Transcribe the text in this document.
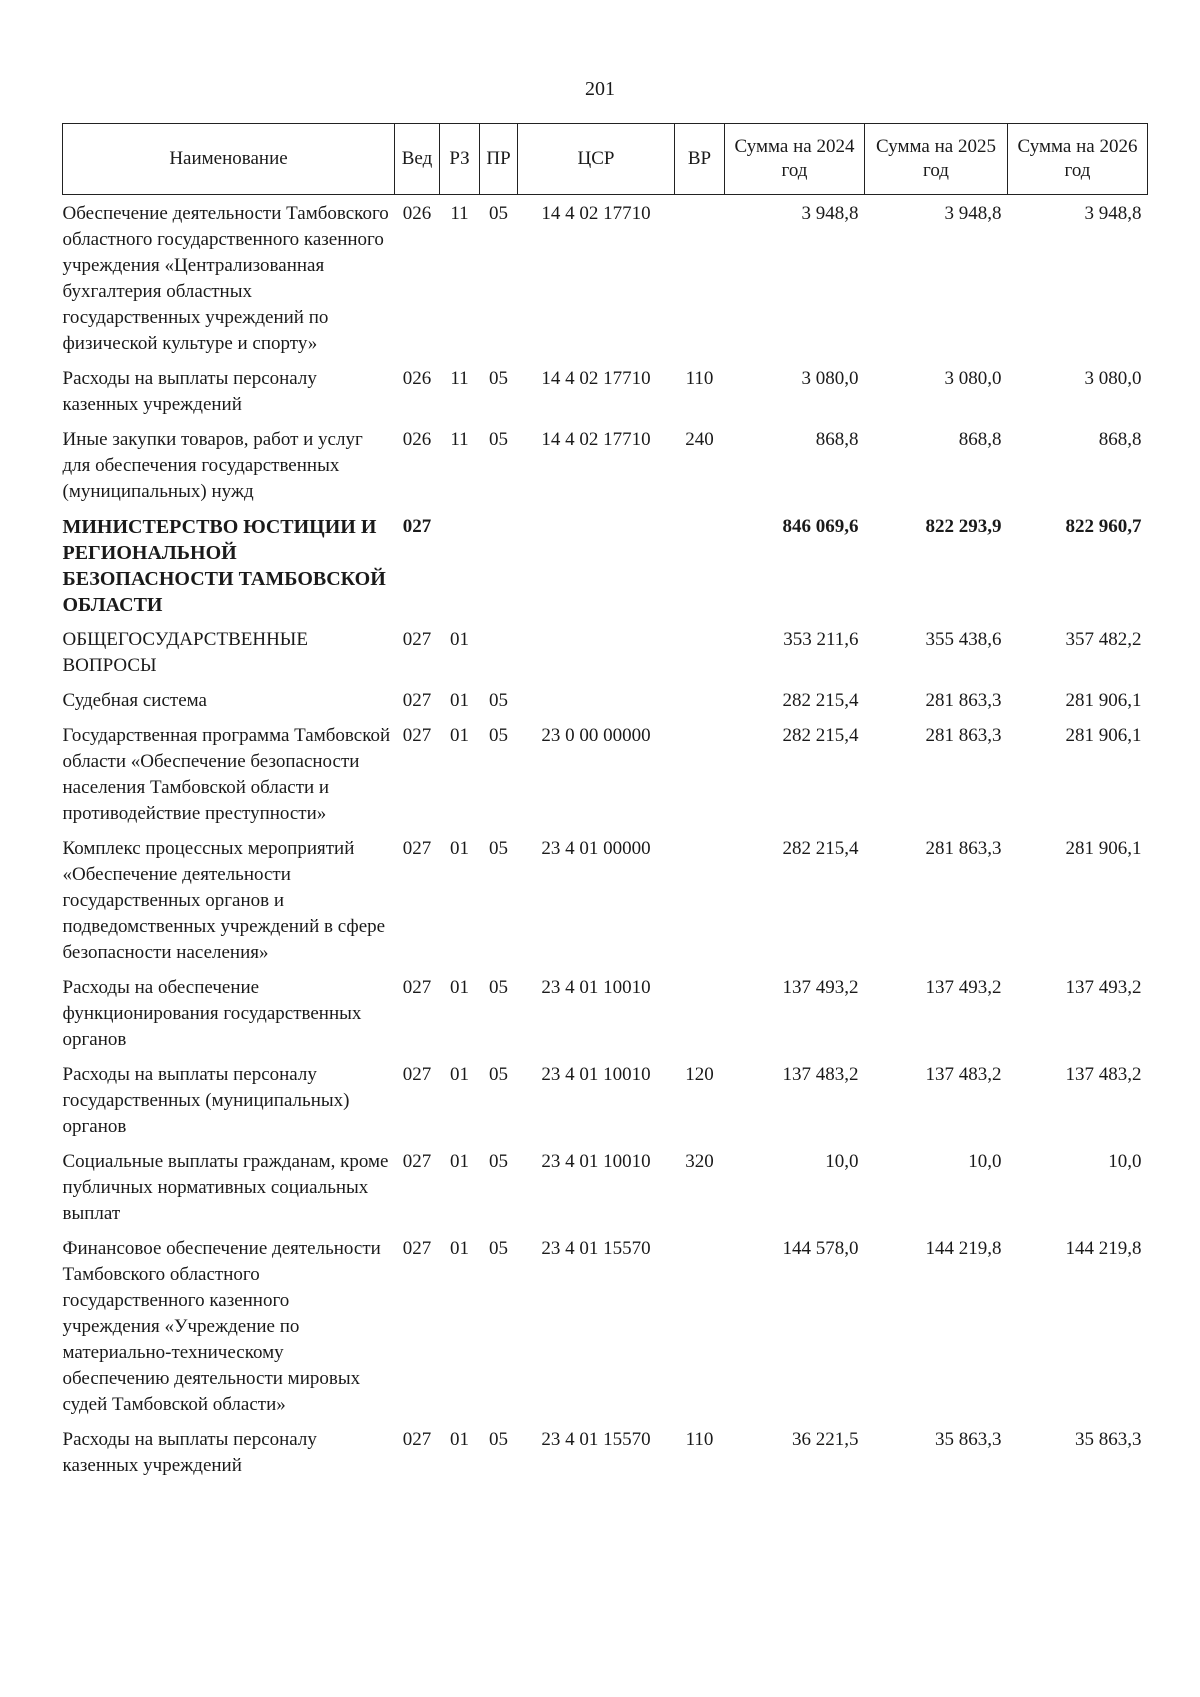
201
Наименование	Вед	РЗ	ПР	ЦСР	ВР	Сумма на 2024 год	Сумма на 2025 год	Сумма на 2026 год
Обеспечение деятельности Тамбовского областного государственного казенного учреждения «Централизованная бухгалтерия областных государственных учреждений по физической культуре и спорту»	026	11	05	14 4 02 17710		3 948,8	3 948,8	3 948,8
Расходы на выплаты персоналу казенных учреждений	026	11	05	14 4 02 17710	110	3 080,0	3 080,0	3 080,0
Иные закупки товаров, работ и услуг для обеспечения государственных (муниципальных) нужд	026	11	05	14 4 02 17710	240	868,8	868,8	868,8
МИНИСТЕРСТВО ЮСТИЦИИ И РЕГИОНАЛЬНОЙ БЕЗОПАСНОСТИ ТАМБОВСКОЙ ОБЛАСТИ	027					846 069,6	822 293,9	822 960,7
ОБЩЕГОСУДАРСТВЕННЫЕ ВОПРОСЫ	027	01				353 211,6	355 438,6	357 482,2
Судебная система	027	01	05			282 215,4	281 863,3	281 906,1
Государственная программа Тамбовской области «Обеспечение безопасности населения Тамбовской области и противодействие преступности»	027	01	05	23 0 00 00000		282 215,4	281 863,3	281 906,1
Комплекс процессных мероприятий «Обеспечение деятельности государственных органов и подведомственных учреждений в сфере безопасности населения»	027	01	05	23 4 01 00000		282 215,4	281 863,3	281 906,1
Расходы на обеспечение функционирования государственных органов	027	01	05	23 4 01 10010		137 493,2	137 493,2	137 493,2
Расходы на выплаты персоналу государственных (муниципальных) органов	027	01	05	23 4 01 10010	120	137 483,2	137 483,2	137 483,2
Социальные выплаты гражданам, кроме публичных нормативных социальных выплат	027	01	05	23 4 01 10010	320	10,0	10,0	10,0
Финансовое обеспечение деятельности Тамбовского областного государственного казенного учреждения «Учреждение по материально-техническому обеспечению деятельности мировых судей Тамбовской области»	027	01	05	23 4 01 15570		144 578,0	144 219,8	144 219,8
Расходы на выплаты персоналу казенных учреждений	027	01	05	23 4 01 15570	110	36 221,5	35 863,3	35 863,3
